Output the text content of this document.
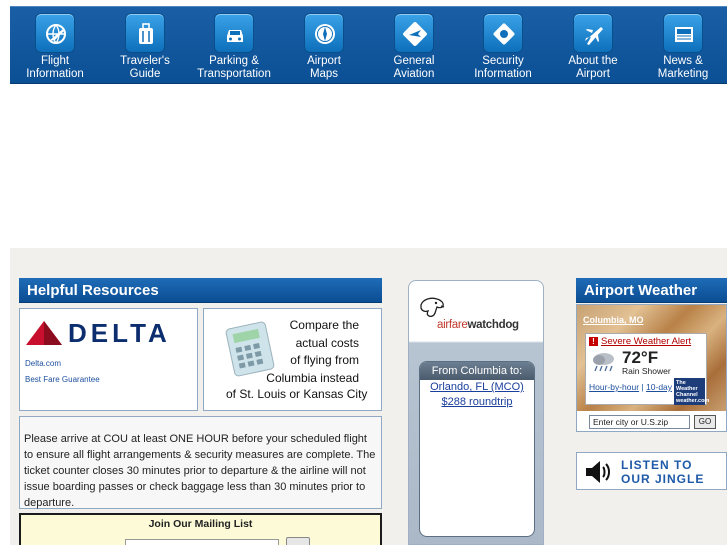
Flight
Information
Traveler's
Guide
Parking &
Transportation
Airport
Maps
General
Aviation
Security
Information
About the
Airport
News &
Marketing
Helpful Resources
DELTA
Delta.com
Best Fare Guarantee
Compare the
actual costs
of flying from
Columbia instead
of St. Louis or Kansas City
Please arrive at COU at least ONE HOUR before your scheduled flight to ensure all flight arrangements & security measures are complete. The ticket counter closes 30 minutes prior to departure & the airline will not issue boarding passes or check baggage less than 30 minutes prior to departure.
Join Our Mailing List
airfarewatchdog
From Columbia to:
Orlando, FL (MCO)
$288 roundtrip
Airport Weather
Columbia, MO
! Severe Weather Alert
72°F
Rain Shower
Hour-by-hour | 10-day The Weather Channel weather.com
Enter city or U.S.zip	GO
LISTEN TO
OUR JINGLE
